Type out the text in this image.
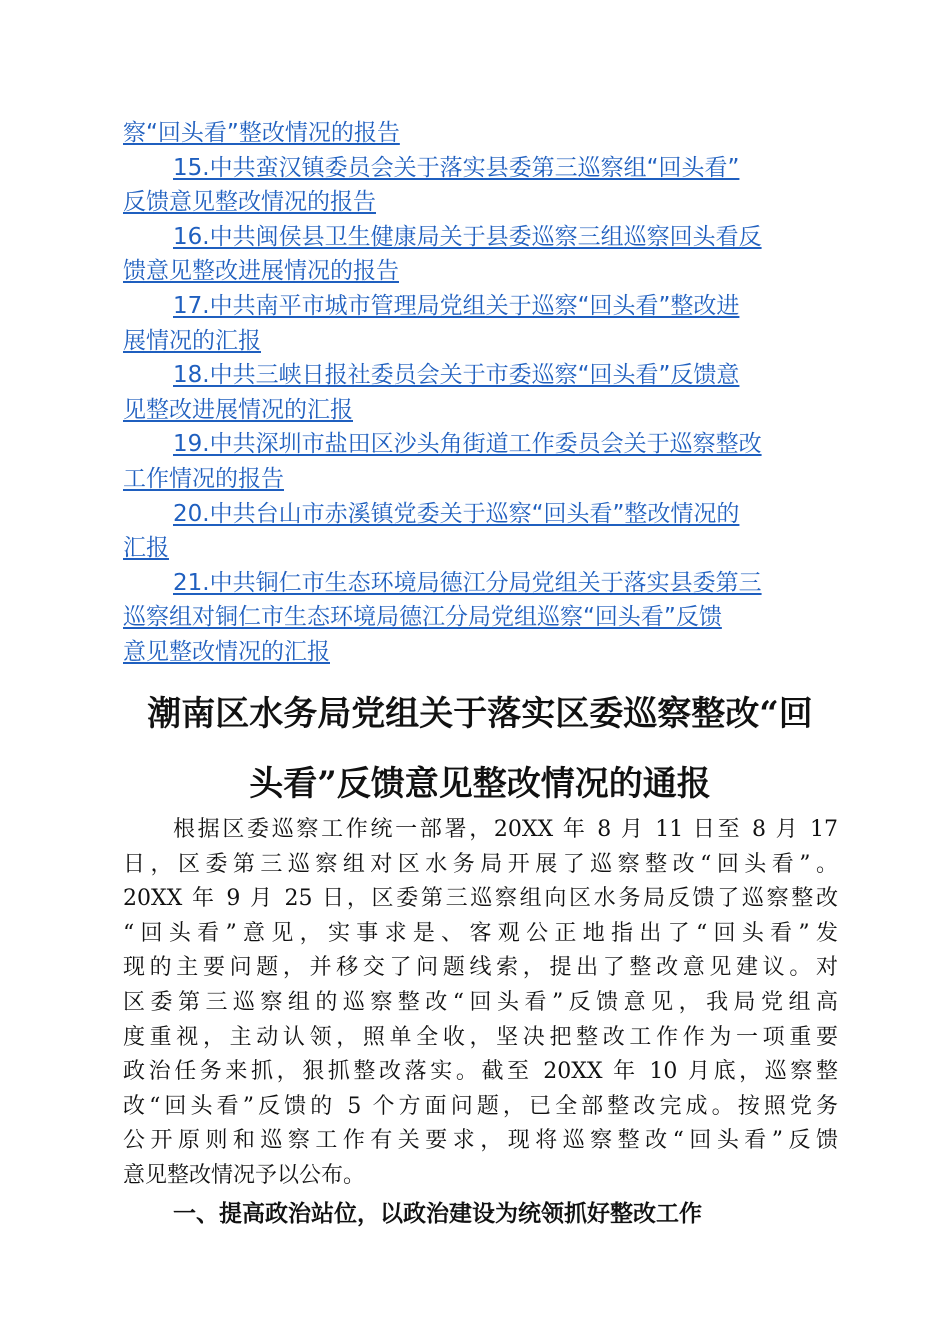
察“回头看”整改情况的报告
15.中共蛮汉镇委员会关于落实县委第三巡察组“回头看”
反馈意见整改情况的报告
16.中共闽侯县卫生健康局关于县委巡察三组巡察回头看反
馈意见整改进展情况的报告
17.中共南平市城市管理局党组关于巡察“回头看”整改进
展情况的汇报
18.中共三峡日报社委员会关于市委巡察“回头看”反馈意
见整改进展情况的汇报
19.中共深圳市盐田区沙头角街道工作委员会关于巡察整改
工作情况的报告
20.中共台山市赤溪镇党委关于巡察“回头看”整改情况的
汇报
21.中共铜仁市生态环境局德江分局党组关于落实县委第三
巡察组对铜仁市生态环境局德江分局党组巡察“回头看”反馈
意见整改情况的汇报
潮南区水务局党组关于落实区委巡察整改“回
头看”反馈意见整改情况的通报
根据区委巡察工作统一部署，20XX 年 8 月 11 日至 8 月 17
日，区委第三巡察组对区水务局开展了巡察整改“回头看”。
20XX 年 9 月 25 日，区委第三巡察组向区水务局反馈了巡察整改
“回头看”意见，实事求是、客观公正地指出了“回头看”发
现的主要问题，并移交了问题线索，提出了整改意见建议。对
区委第三巡察组的巡察整改“回头看”反馈意见，我局党组高
度重视，主动认领，照单全收，坚决把整改工作作为一项重要
政治任务来抓，狠抓整改落实。截至 20XX 年 10 月底，巡察整
改“回头看”反馈的 5 个方面问题，已全部整改完成。按照党务
公开原则和巡察工作有关要求，现将巡察整改“回头看”反馈
意见整改情况予以公布。
一、提高政治站位，以政治建设为统领抓好整改工作
